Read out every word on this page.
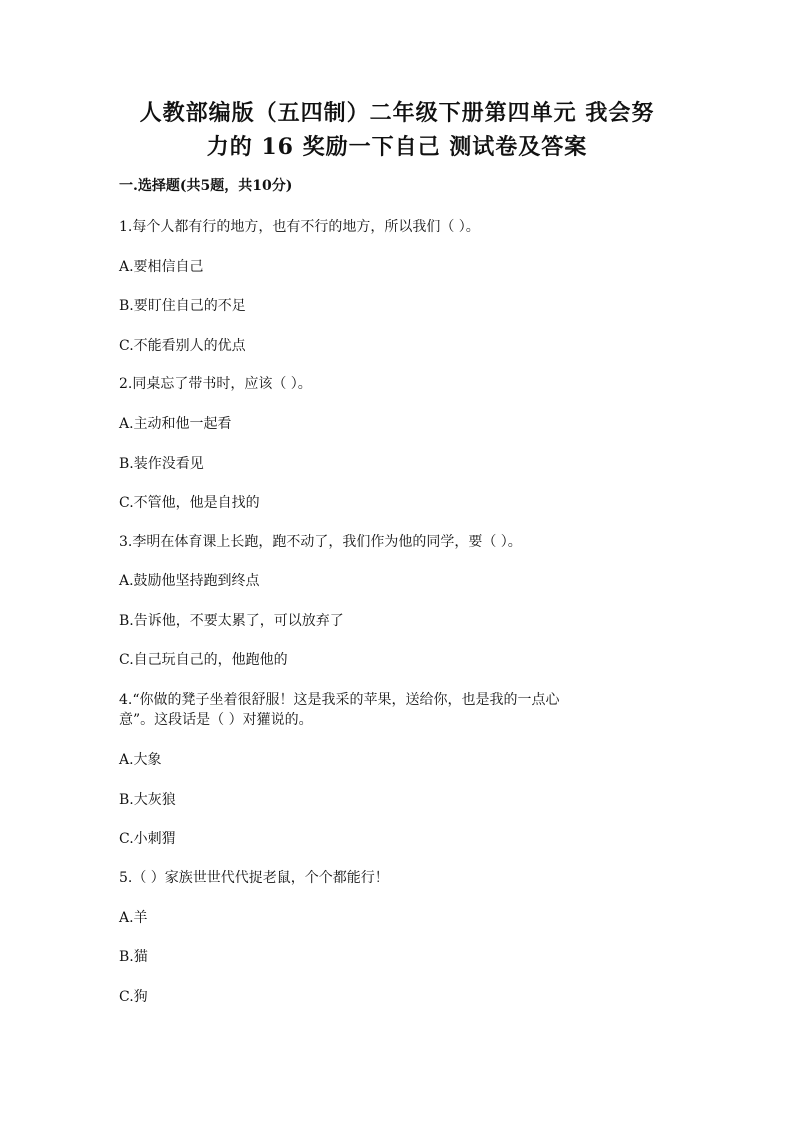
人教部编版（五四制）二年级下册第四单元 我会努
力的 16 奖励一下自己 测试卷及答案
一.选择题(共5题，共10分)
1.每个人都有行的地方，也有不行的地方，所以我们（ ）。
A.要相信自己
B.要盯住自己的不足
C.不能看别人的优点
2.同桌忘了带书时，应该（ ）。
A.主动和他一起看
B.装作没看见
C.不管他，他是自找的
3.李明在体育课上长跑，跑不动了，我们作为他的同学，要（ ）。
A.鼓励他坚持跑到终点
B.告诉他，不要太累了，可以放弃了
C.自己玩自己的，他跑他的
4.“你做的凳子坐着很舒服！这是我采的苹果，送给你，也是我的一点心
意”。这段话是（ ）对獾说的。
A.大象
B.大灰狼
C.小刺猬
5.（ ）家族世世代代捉老鼠，个个都能行！
A.羊
B.猫
C.狗
